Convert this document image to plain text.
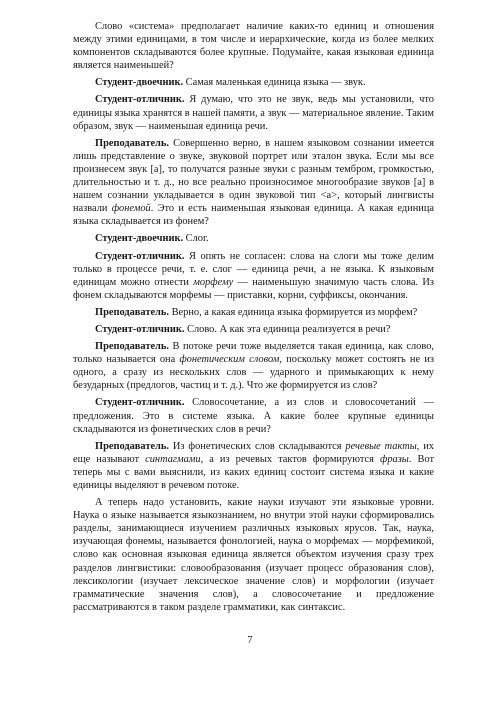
Слово «система» предполагает наличие каких-то единиц и отношения между этими единицами, в том числе и иерархические, когда из более мелких компонентов складываются более крупные. Подумайте, какая языковая единица является наименьшей?

Студент-двоечник. Самая маленькая единица языка — звук.

Студент-отличник. Я думаю, что это не звук, ведь мы установили, что единицы языка хранятся в нашей памяти, а звук — материальное явление. Таким образом, звук — наименьшая единица речи.

Преподаватель. Совершенно верно, в нашем языковом сознании имеется лишь представление о звуке, звуковой портрет или эталон звука. Если мы все произнесем звук [а], то получатся разные звуки с разным тембром, громкостью, длительностью и т. д., но все реально произносимое многообразие звуков [а] в нашем сознании укладывается в один звуковой тип <а>, который лингвисты назвали фонемой. Это и есть наименьшая языковая единица. А какая единица языка складывается из фонем?

Студент-двоечник. Слог.

Студент-отличник. Я опять не согласен: слова на слоги мы тоже делим только в процессе речи, т. е. слог — единица речи, а не языка. К языковым единицам можно отнести морфему — наименьшую значимую часть слова. Из фонем складываются морфемы — приставки, корни, суффиксы, окончания.

Преподаватель. Верно, а какая единица языка формируется из морфем?

Студент-отличник. Слово. А как эта единица реализуется в речи?

Преподаватель. В потоке речи тоже выделяется такая единица, как слово, только называется она фонетическим словом, поскольку может состоять не из одного, а сразу из нескольких слов — ударного и примыкающих к нему безударных (предлогов, частиц и т. д.). Что же формируется из слов?

Студент-отличник. Словосочетание, а из слов и словосочетаний — предложения. Это в системе языка. А какие более крупные единицы складываются из фонетических слов в речи?

Преподаватель. Из фонетических слов складываются речевые такты, их еще называют синтагмами, а из речевых тактов формируются фразы. Вот теперь мы с вами выяснили, из каких единиц состоит система языка и какие единицы выделяют в речевом потоке.

А теперь надо установить, какие науки изучают эти языковые уровни. Наука о языке называется языкознанием, но внутри этой науки сформировались разделы, занимающиеся изучением различных языковых ярусов. Так, наука, изучающая фонемы, называется фонологией, наука о морфемах — морфемикой, слово как основная языковая единица является объектом изучения сразу трех разделов лингвистики: словообразования (изучает процесс образования слов), лексикологии (изучает лексическое значение слов) и морфологии (изучает грамматические значения слов), а словосочетание и предложение рассматриваются в таком разделе грамматики, как синтаксис.

7
